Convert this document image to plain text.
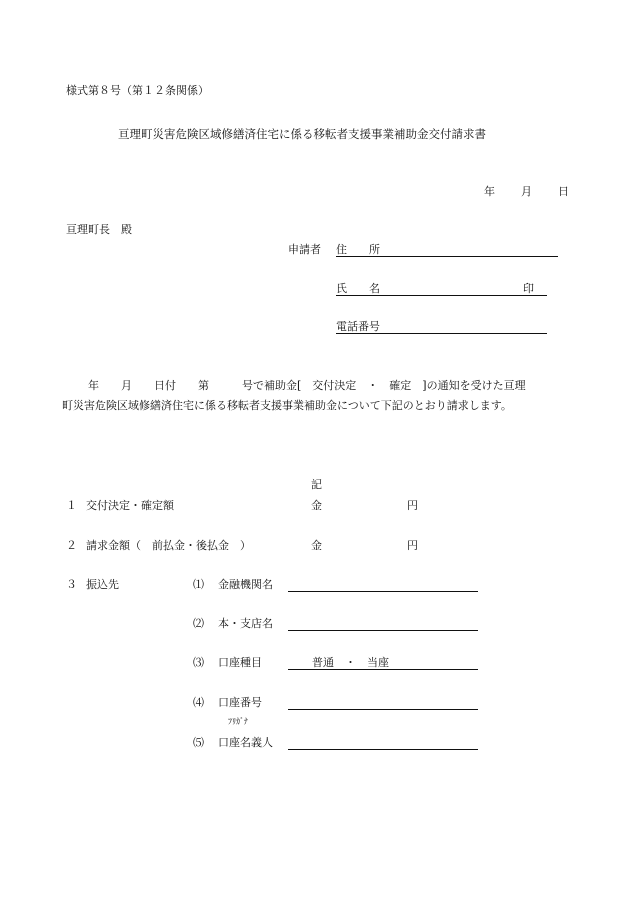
様式第８号（第１２条関係）
亘理町災害危険区域修繕済住宅に係る移転者支援事業補助金交付請求書
年 月 日
亘理町長　殿
申請者 住　　所
氏　　名	印
電話番号
　　年　　月　　日付　　第　　　号で補助金[　交付決定　・　確定　]の通知を受けた亘理
町災害危険区域修繕済住宅に係る移転者支援事業補助金について下記のとおり請求します。
記
１ 交付決定・確定額	金	円
２ 請求金額（　前払金・後払金　）	金	円
３ 振込先	⑴ 金融機関名
⑵ 本・支店名
⑶ 口座種目	普通　・　当座
⑷ 口座番号
ﾌﾘｶﾞﾅ
⑸ 口座名義人
